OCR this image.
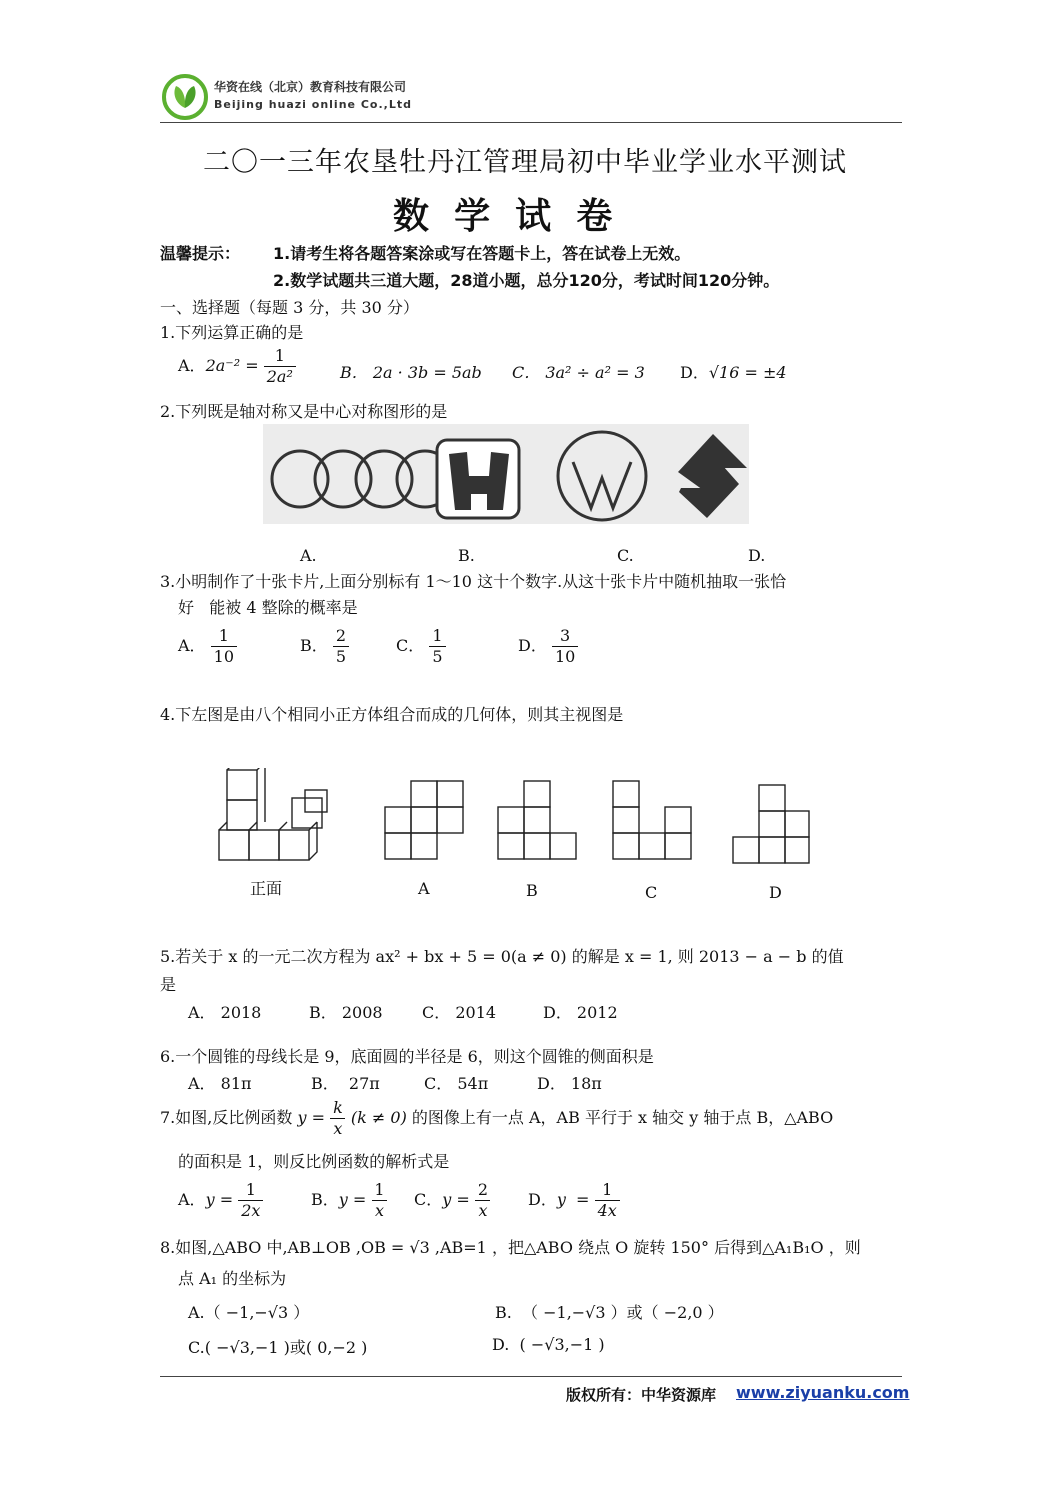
华资在线（北京）教育科技有限公司
Beijing huazi online Co.,Ltd
二〇一三年农垦牡丹江管理局初中毕业学业水平测试
数  学  试  卷
温馨提示： 1.请考生将各题答案涂或写在答题卡上，答在试卷上无效。
2.数学试题共三道大题，28道小题，总分120分，考试时间120分钟。
一、选择题（每题 3 分，共 30 分）
1.下列运算正确的是
A．$2a^{-2} = \frac{1}{\text{2a²}}$	B． 2a · 3b = 5ab C． 3a² ÷ a² = 3 D．√16 = ±4
2.下列既是轴对称又是中心对称图形的是
A.	B.	C.	D.
3.小明制作了十张卡片,上面分别标有 1～10 这十个数字.从这十张卡片中随机抽取一张恰
好   能被 4 整除的概率是
A． $\frac{1}{10}$	B． $\frac{2}{5}$	C． $\frac{1}{5}$	D． $\frac{3}{10}$
4.下左图是由八个相同小正方体组合而成的几何体，则其主视图是
正面	A	B	C	D
5.若关于 x 的一元二次方程为 ax² + bx + 5 = 0(a ≠ 0) 的解是 x = 1, 则 2013 − a − b 的值
是
A． 2018	B． 2008 C． 2014	D． 2012
6.一个圆锥的母线长是 9，底面圆的半径是 6，则这个圆锥的侧面积是
A． 81π	B．  27π	C． 54π	D． 18π
7.如图,反比例函数 $y = \frac{k}{x} (k \ne 0)$ 的图像上有一点 A，AB 平行于 x 轴交 y 轴于点 B，△ABO
的面积是 1，则反比例函数的解析式是
A．$y = \frac{1}{2x}$	B．$y = \frac{1}{x}$ C．$y = \frac{2}{x}$ D．$y = \frac{1}{4x}$
8.如图,△ABO 中,AB⊥OB ,OB = √3 ,AB=1 ，把△ABO 绕点 O 旋转 150° 后得到△A₁B₁O ，则
点 A₁ 的坐标为
A.（ −1,−√3 ）	B.  （ −1,−√3 ）或（ −2,0 ）
C.( −√3,−1 )或( 0,−2 )	D.  ( −√3,−1 )
版权所有：中华资源库 www.ziyuanku.com
